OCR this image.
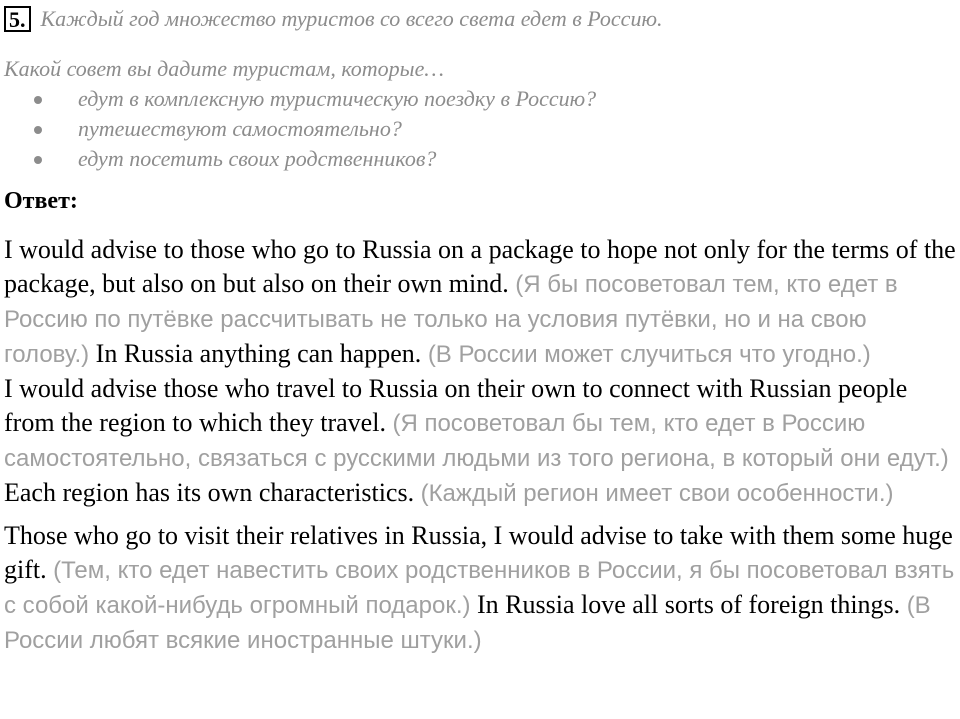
5. Каждый год множество туристов со всего света едет в Россию.
Какой совет вы дадите туристам, которые…
едут в комплексную туристическую поездку в Россию?
путешествуют самостоятельно?
едут посетить своих родственников?
Ответ:

I would advise to those who go to Russia on a package to hope not only for the terms of the package, but also on but also on their own mind. (Я бы посоветовал тем, кто едет в Россию по путёвке рассчитывать не только на условия путёвки, но и на свою голову.) In Russia anything can happen. (В России может случиться что угодно.)

I would advise those who travel to Russia on their own to connect with Russian people from the region to which they travel. (Я посоветовал бы тем, кто едет в Россию самостоятельно, связаться с русскими людьми из того региона, в который они едут.) Each region has its own characteristics. (Каждый регион имеет свои особенности.)

Those who go to visit their relatives in Russia, I would advise to take with them some huge gift. (Тем, кто едет навестить своих родственников в России, я бы посоветовал взять с собой какой-нибудь огромный подарок.) In Russia love all sorts of foreign things. (В России любят всякие иностранные штуки.)
